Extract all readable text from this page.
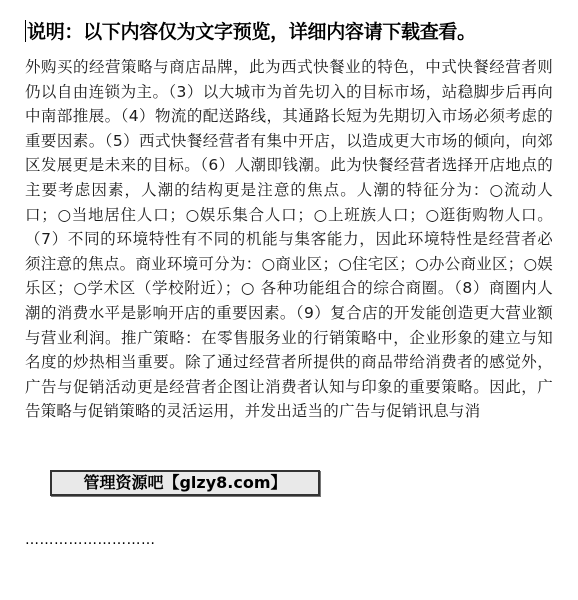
说明：以下内容仅为文字预览，详细内容请下载查看。

外购买的经营策略与商店品牌，此为西式快餐业的特色，中式快餐经营者则仍以自由连锁为主。（3）以大城市为首先切入的目标市场，站稳脚步后再向中南部推展。（4）物流的配送路线，其通路长短为先期切入市场必须考虑的重要因素。（5）西式快餐经营者有集中开店，以造成更大市场的倾向，向郊区发展更是未来的目标。（6）人潮即钱潮。此为快餐经营者选择开店地点的主要考虑因素，人潮的结构更是注意的焦点。人潮的特征分为：○流动人口；○当地居住人口；○娱乐集合人口；○上班族人口；○逛街购物人口。（7）不同的环境特性有不同的机能与集客能力，因此环境特性是经营者必须注意的焦点。商业环境可分为：○商业区；○住宅区；○办公商业区；○娱乐区；○学术区（学校附近）；○ 各种功能组合的综合商圈。（8）商圈内人潮的消费水平是影响开店的重要因素。（9）复合店的开发能创造更大营业额与营业利润。推广策略：在零售服务业的行销策略中，企业形象的建立与知名度的炒热相当重要。除了通过经营者所提供的商品带给消费者的感觉外，广告与促销活动更是经营者企图让消费者认知与印象的重要策略。因此，广告策略与促销策略的灵活运用，并发出适当的广告与促销讯息与消

管理资源吧【glzy8.com】
………………………
